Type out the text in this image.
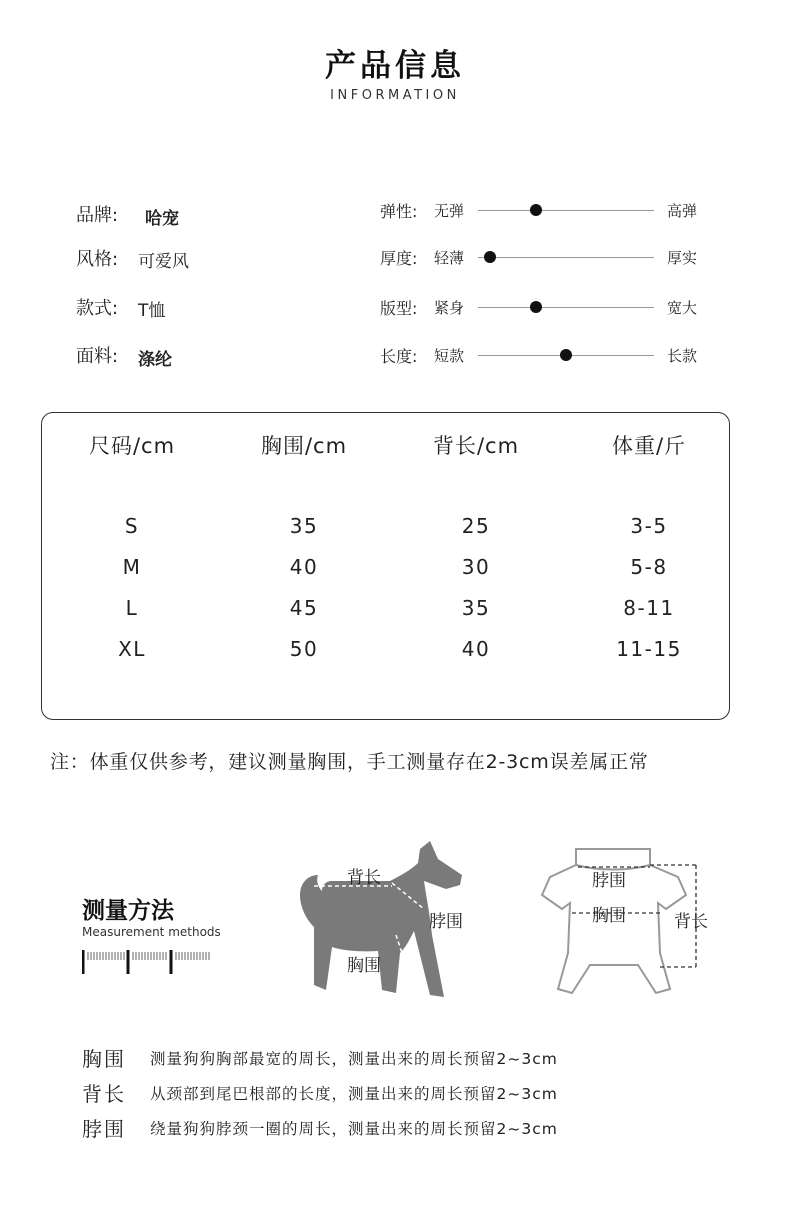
产品信息
INFORMATION
品牌: 哈宠
风格: 可爱风
款式: T恤
面料: 涤纶
弹性: 无弹	高弹
厚度: 轻薄	厚实
版型: 紧身	宽大
长度: 短款	长款
尺码/cm	胸围/cm	背长/cm	体重/斤
S	35	25	3-5
M	40	30	5-8
L	45	35	8-11
XL	50	40	11-15
注：体重仅供参考，建议测量胸围，手工测量存在2-3cm误差属正常
测量方法
Measurement methods
背长
脖围
胸围
脖围
胸围	背长
胸围 测量狗狗胸部最宽的周长，测量出来的周长预留2~3cm
背长 从颈部到尾巴根部的长度，测量出来的周长预留2~3cm
脖围 绕量狗狗脖颈一圈的周长，测量出来的周长预留2~3cm
